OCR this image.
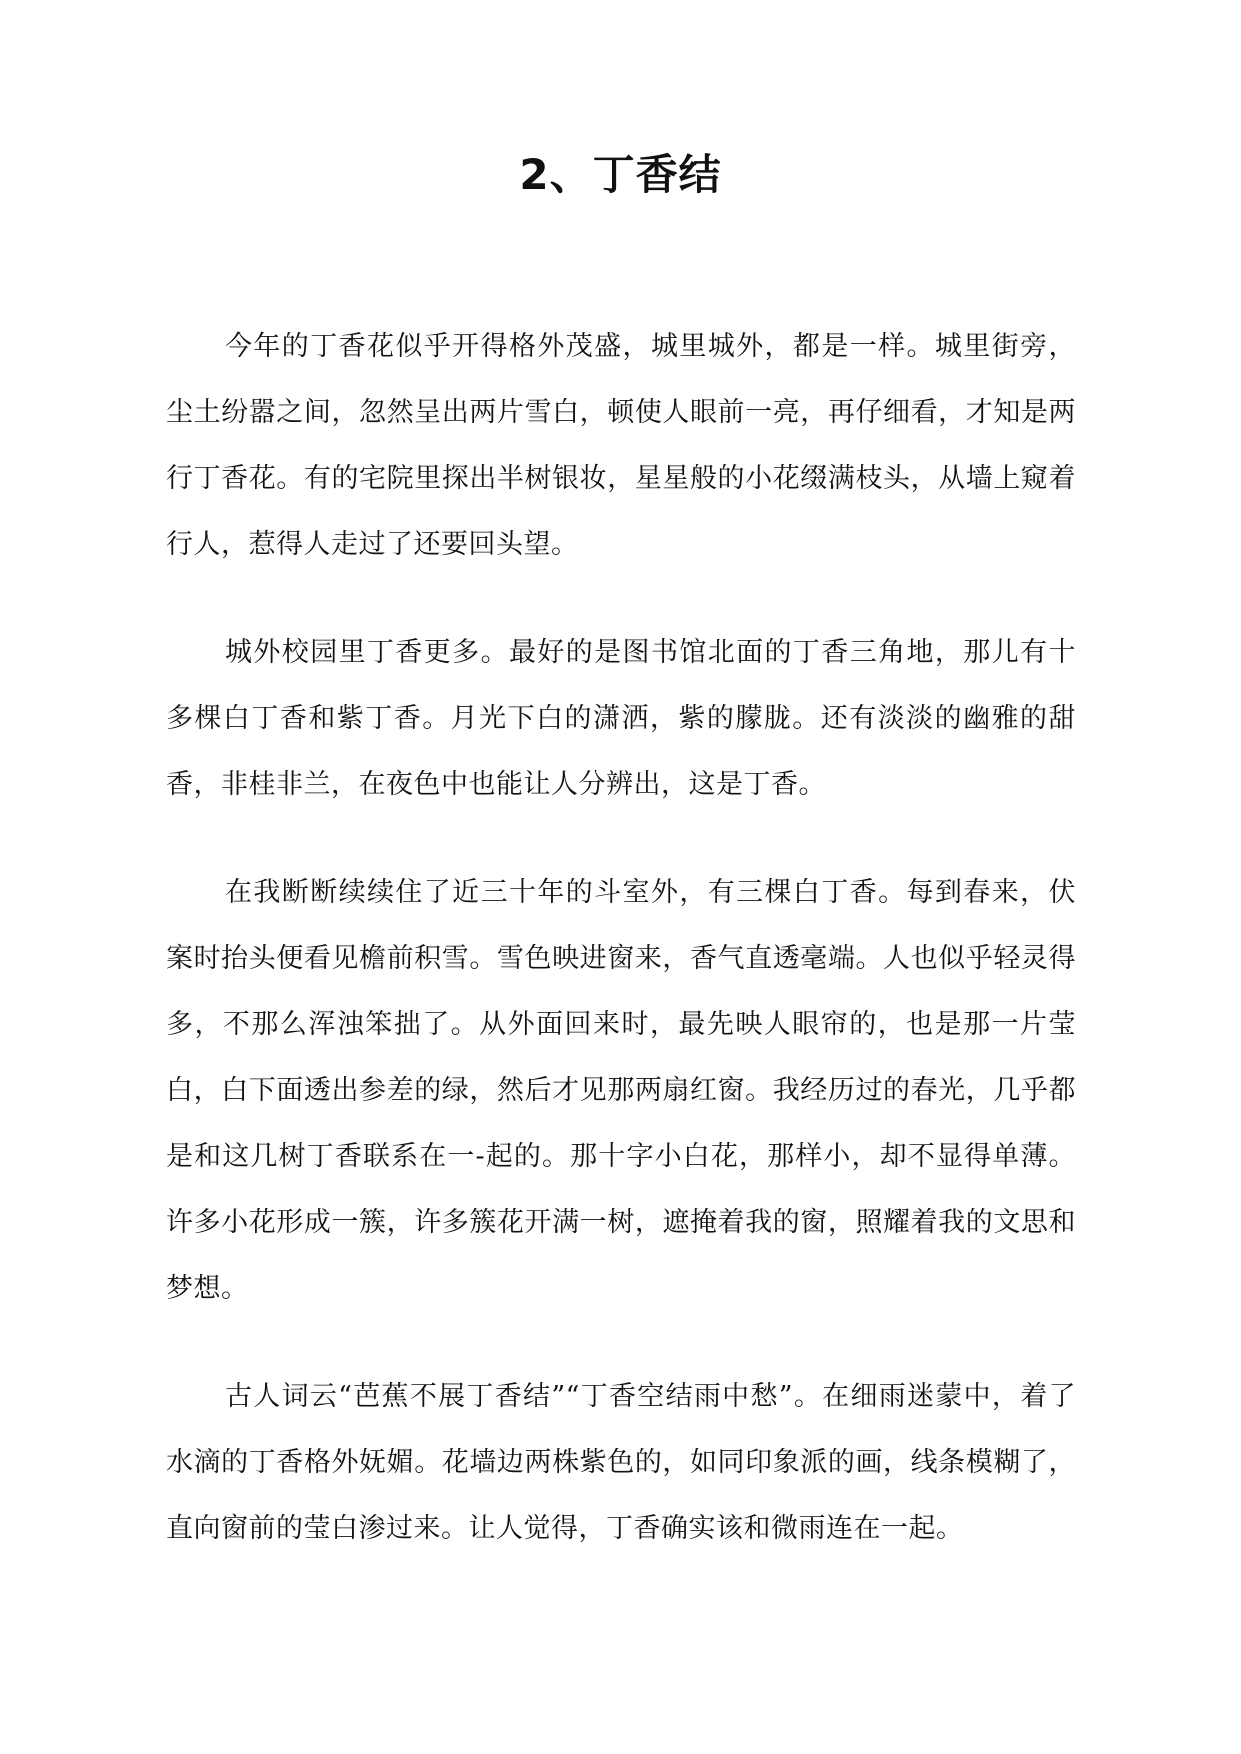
2、丁香结

今年的丁香花似乎开得格外茂盛，城里城外，都是一样。城里街旁，尘土纷嚣之间，忽然呈出两片雪白，顿使人眼前一亮，再仔细看，才知是两行丁香花。有的宅院里探出半树银妆，星星般的小花缀满枝头，从墙上窥着行人，惹得人走过了还要回头望。

城外校园里丁香更多。最好的是图书馆北面的丁香三角地，那儿有十多棵白丁香和紫丁香。月光下白的潇洒，紫的朦胧。还有淡淡的幽雅的甜香，非桂非兰，在夜色中也能让人分辨出，这是丁香。

在我断断续续住了近三十年的斗室外，有三棵白丁香。每到春来，伏案时抬头便看见檐前积雪。雪色映进窗来，香气直透毫端。人也似乎轻灵得多，不那么浑浊笨拙了。从外面回来时，最先映人眼帘的，也是那一片莹白，白下面透出参差的绿，然后才见那两扇红窗。我经历过的春光，几乎都是和这几树丁香联系在一-起的。那十字小白花，那样小，却不显得单薄。许多小花形成一簇，许多簇花开满一树，遮掩着我的窗，照耀着我的文思和梦想。

古人词云“芭蕉不展丁香结”“丁香空结雨中愁”。在细雨迷蒙中，着了水滴的丁香格外妩媚。花墙边两株紫色的，如同印象派的画，线条模糊了，直向窗前的莹白渗过来。让人觉得，丁香确实该和微雨连在一起。
